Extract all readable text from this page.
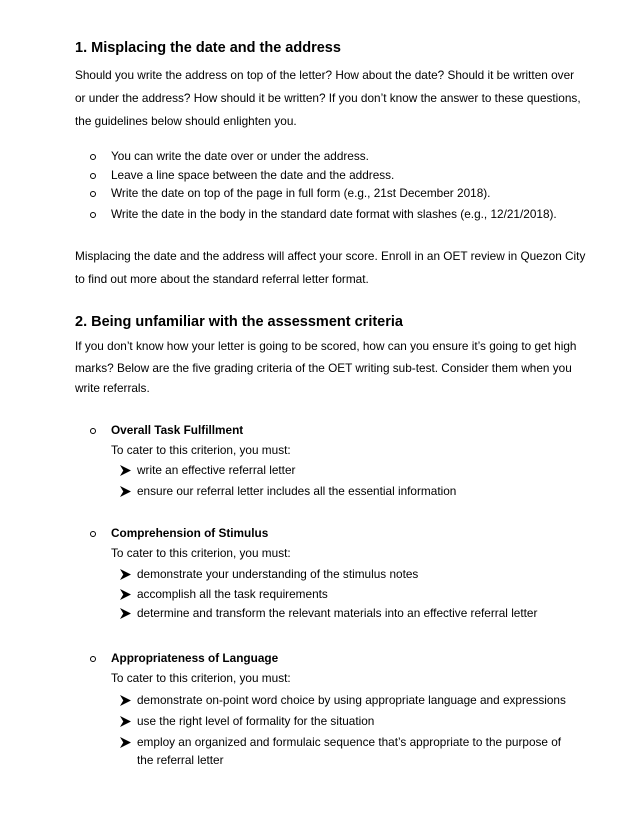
1. Misplacing the date and the address
Should you write the address on top of the letter? How about the date? Should it be written over
or under the address? How should it be written? If you don’t know the answer to these questions,
the guidelines below should enlighten you.
You can write the date over or under the address.
Leave a line space between the date and the address.
Write the date on top of the page in full form (e.g., 21st December 2018).
Write the date in the body in the standard date format with slashes (e.g., 12/21/2018).
Misplacing the date and the address will affect your score. Enroll in an OET review in Quezon City
to find out more about the standard referral letter format.
2. Being unfamiliar with the assessment criteria
If you don’t know how your letter is going to be scored, how can you ensure it’s going to get high
marks? Below are the five grading criteria of the OET writing sub-test. Consider them when you
write referrals.
Overall Task Fulfillment
To cater to this criterion, you must:
write an effective referral letter
ensure our referral letter includes all the essential information
Comprehension of Stimulus
To cater to this criterion, you must:
demonstrate your understanding of the stimulus notes
accomplish all the task requirements
determine and transform the relevant materials into an effective referral letter
Appropriateness of Language
To cater to this criterion, you must:
demonstrate on-point word choice by using appropriate language and expressions
use the right level of formality for the situation
employ an organized and formulaic sequence that’s appropriate to the purpose of
the referral letter
